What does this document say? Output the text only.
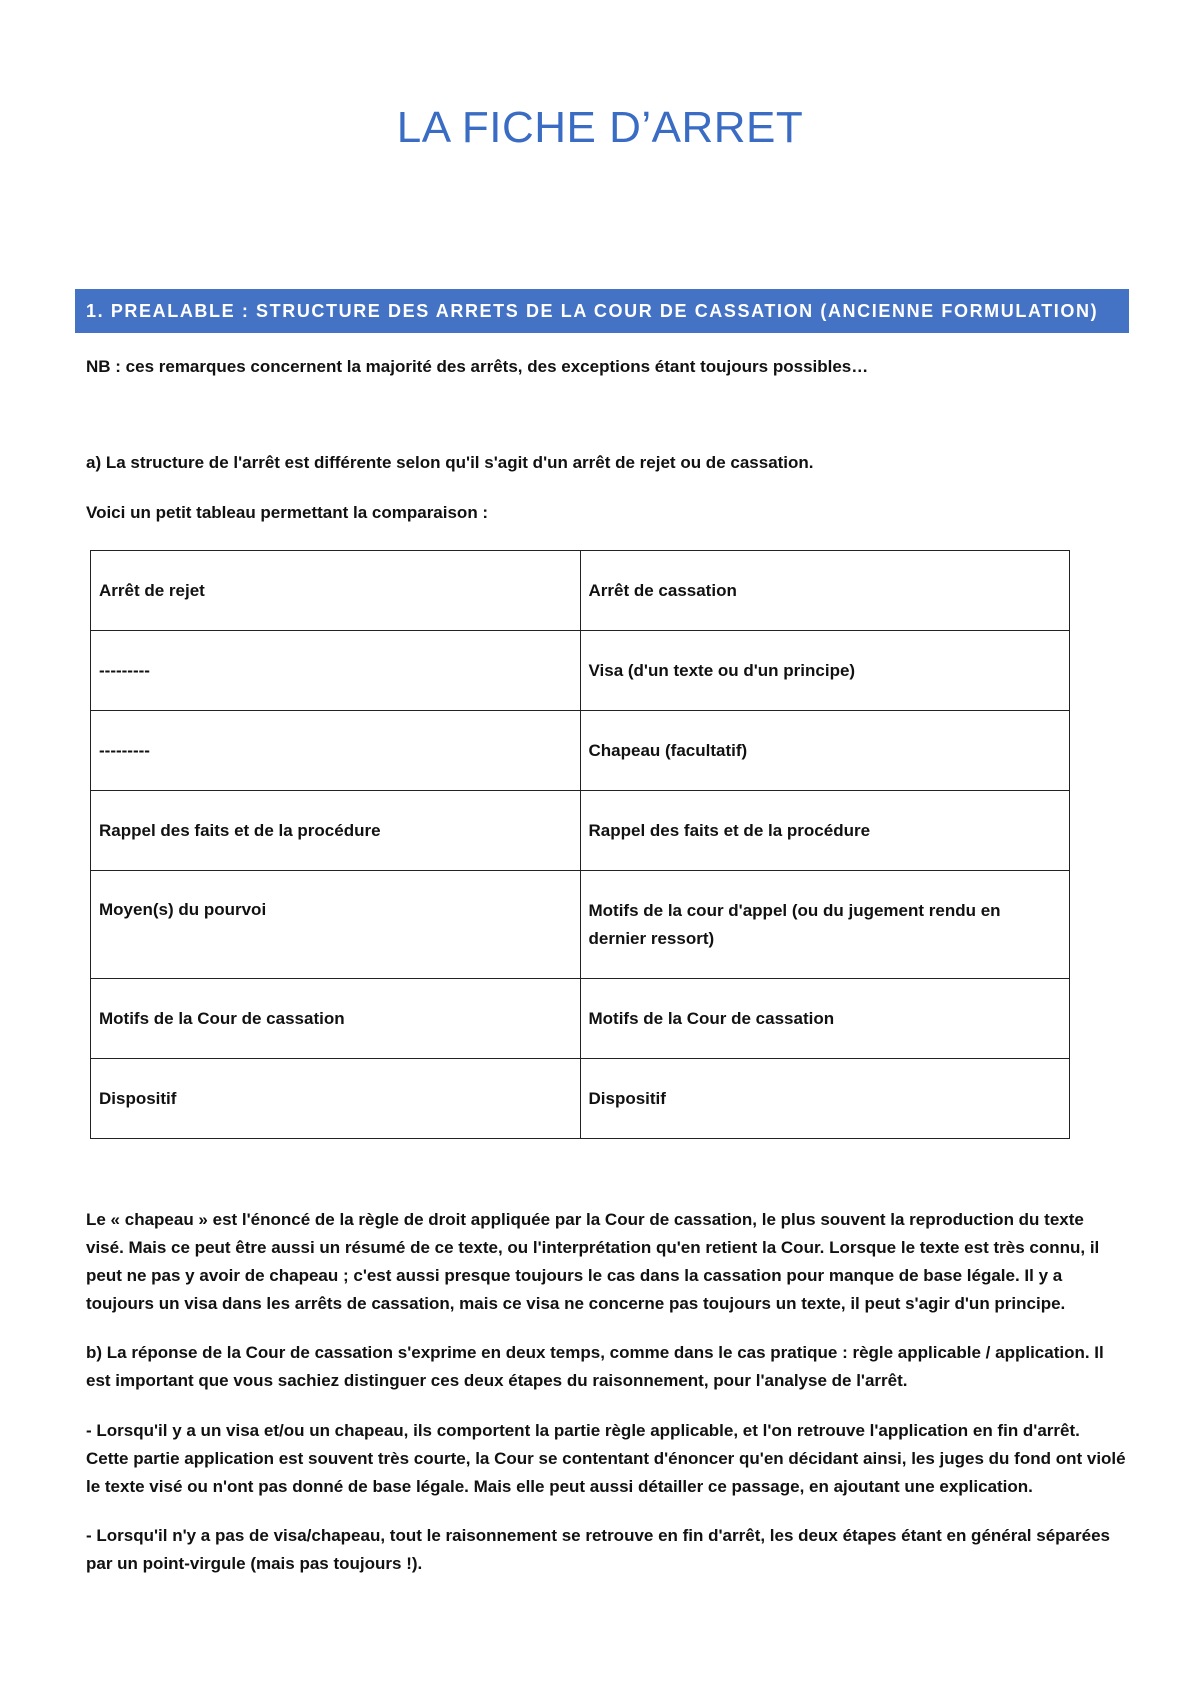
LA FICHE D’ARRET
1. PREALABLE : STRUCTURE DES ARRETS DE LA COUR DE CASSATION (ANCIENNE FORMULATION)
NB : ces remarques concernent la majorité des arrêts, des exceptions étant toujours possibles…
a) La structure de l'arrêt est différente selon qu'il s'agit d'un arrêt de rejet ou de cassation.
Voici un petit tableau permettant la comparaison :
Arrêt de rejet	Arrêt de cassation
---------	Visa (d'un texte ou d'un principe)
---------	Chapeau (facultatif)
Rappel des faits et de la procédure	Rappel des faits et de la procédure
Moyen(s) du pourvoi	Motifs de la cour d'appel (ou du jugement rendu en dernier ressort)
Motifs de la Cour de cassation	Motifs de la Cour de cassation
Dispositif	Dispositif
Le « chapeau » est l'énoncé de la règle de droit appliquée par la Cour de cassation, le plus souvent la reproduction du texte visé. Mais ce peut être aussi un résumé de ce texte, ou l'interprétation qu'en retient la Cour. Lorsque le texte est très connu, il peut ne pas y avoir de chapeau ; c'est aussi presque toujours le cas dans la cassation pour manque de base légale. Il y a toujours un visa dans les arrêts de cassation, mais ce visa ne concerne pas toujours un texte, il peut s'agir d'un principe.
b) La réponse de la Cour de cassation s'exprime en deux temps, comme dans le cas pratique : règle applicable / application. Il est important que vous sachiez distinguer ces deux étapes du raisonnement, pour l'analyse de l'arrêt.
- Lorsqu'il y a un visa et/ou un chapeau, ils comportent la partie règle applicable, et l'on retrouve l'application en fin d'arrêt. Cette partie application est souvent très courte, la Cour se contentant d'énoncer qu'en décidant ainsi, les juges du fond ont violé le texte visé ou n'ont pas donné de base légale. Mais elle peut aussi détailler ce passage, en ajoutant une explication.
- Lorsqu'il n'y a pas de visa/chapeau, tout le raisonnement se retrouve en fin d'arrêt, les deux étapes étant en général séparées par un point-virgule (mais pas toujours !).
